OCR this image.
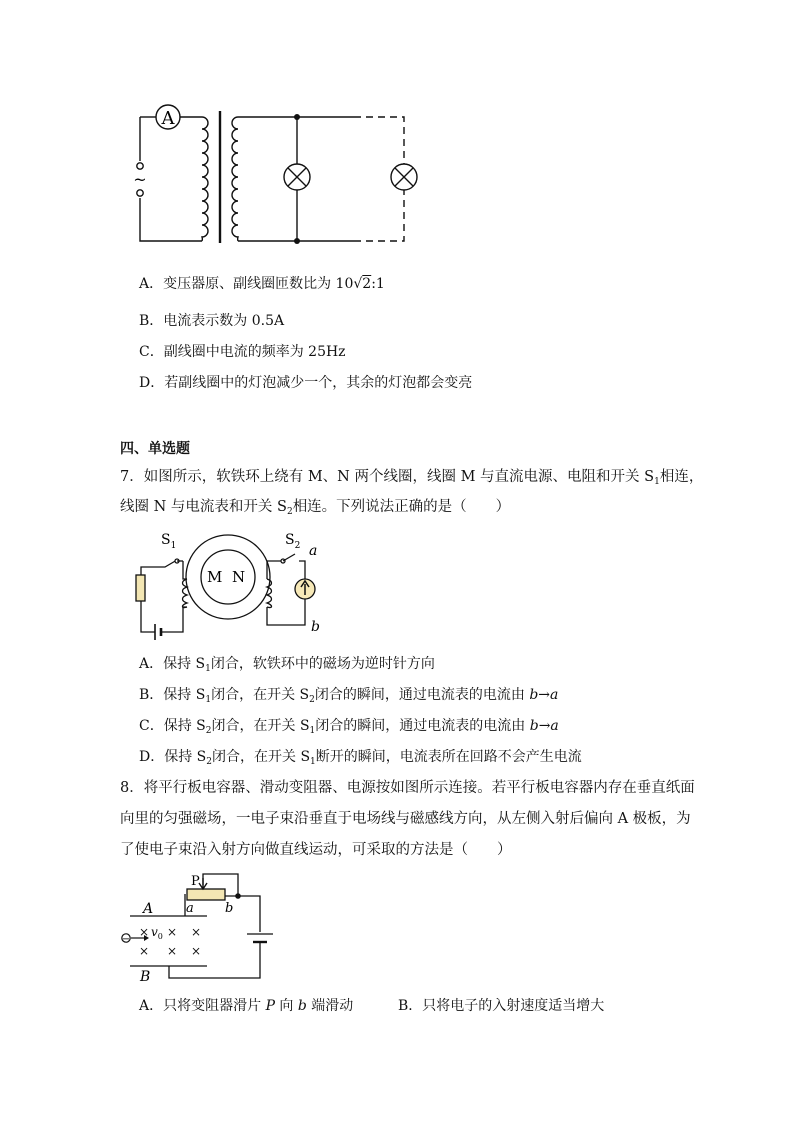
A
~
A．变压器原、副线圈匝数比为 10√2:1
B．电流表示数为 0.5A
C．副线圈中电流的频率为 25Hz
D．若副线圈中的灯泡减少一个，其余的灯泡都会变亮
四、单选题
7．如图所示，软铁环上绕有 M、N 两个线圈，线圈 M 与直流电源、电阻和开关 $S_1$相连，
线圈 N 与电流表和开关 $S_2$相连。下列说法正确的是（　　）
$S_1$	$S_2$
M N
a
b
A．保持 $S_1$闭合，软铁环中的磁场为逆时针方向
B．保持 $S_1$闭合，在开关 $S_2$闭合的瞬间，通过电流表的电流由 b→a
C．保持 $S_2$闭合，在开关 $S_1$闭合的瞬间，通过电流表的电流由 b→a
D．保持 $S_2$闭合，在开关 $S_1$断开的瞬间，电流表所在回路不会产生电流
8．将平行板电容器、滑动变阻器、电源按如图所示连接。若平行板电容器内存在垂直纸面
向里的匀强磁场，一电子束沿垂直于电场线与磁感线方向，从左侧入射后偏向 A 极板，为
了使电子束沿入射方向做直线运动，可采取的方法是（　　）
−
× × ×
× × ×
$v_0$
P
A
B
a b
A．只将变阻器滑片 P 向 b 端滑动	B．只将电子的入射速度适当增大
